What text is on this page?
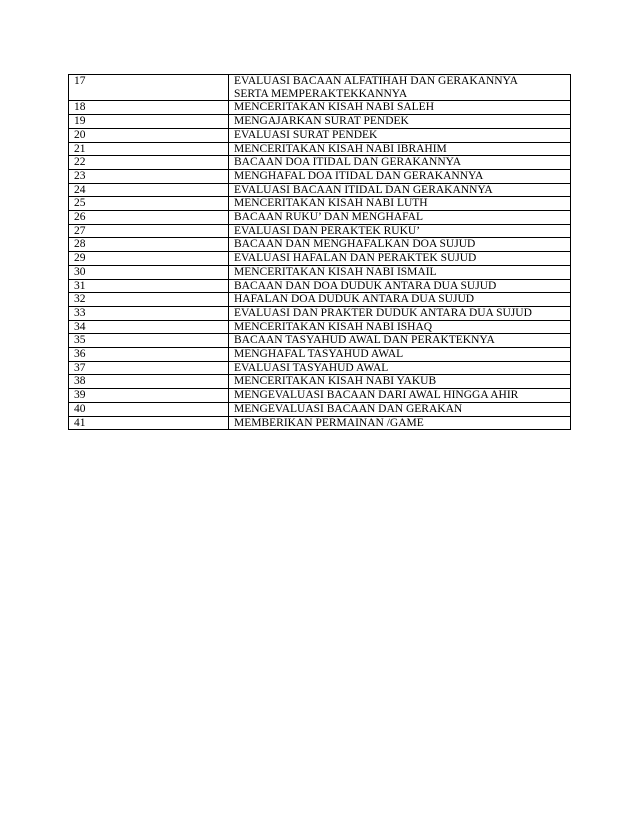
17	EVALUASI BACAAN ALFATIHAH DAN GERAKANNYA
SERTA MEMPERAKTEKKANNYA
18	MENCERITAKAN KISAH NABI SALEH
19	MENGAJARKAN SURAT PENDEK
20	EVALUASI SURAT PENDEK
21	MENCERITAKAN KISAH NABI IBRAHIM
22	BACAAN DOA ITIDAL DAN GERAKANNYA
23	MENGHAFAL DOA ITIDAL DAN GERAKANNYA
24	EVALUASI BACAAN ITIDAL DAN GERAKANNYA
25	MENCERITAKAN KISAH NABI LUTH
26	BACAAN RUKU’ DAN MENGHAFAL
27	EVALUASI DAN PERAKTEK RUKU’
28	BACAAN DAN MENGHAFALKAN DOA SUJUD
29	EVALUASI HAFALAN DAN PERAKTEK SUJUD
30	MENCERITAKAN KISAH NABI ISMAIL
31	BACAAN DAN DOA DUDUK ANTARA DUA SUJUD
32	HAFALAN DOA DUDUK ANTARA DUA SUJUD
33	EVALUASI DAN PRAKTER DUDUK ANTARA DUA SUJUD
34	MENCERITAKAN KISAH NABI ISHAQ
35	BACAAN TASYAHUD AWAL DAN PERAKTEKNYA
36	MENGHAFAL TASYAHUD AWAL
37	EVALUASI TASYAHUD AWAL
38	MENCERITAKAN KISAH NABI YAKUB
39	MENGEVALUASI BACAAN DARI AWAL HINGGA AHIR
40	MENGEVALUASI BACAAN DAN GERAKAN
41	MEMBERIKAN PERMAINAN /GAME
